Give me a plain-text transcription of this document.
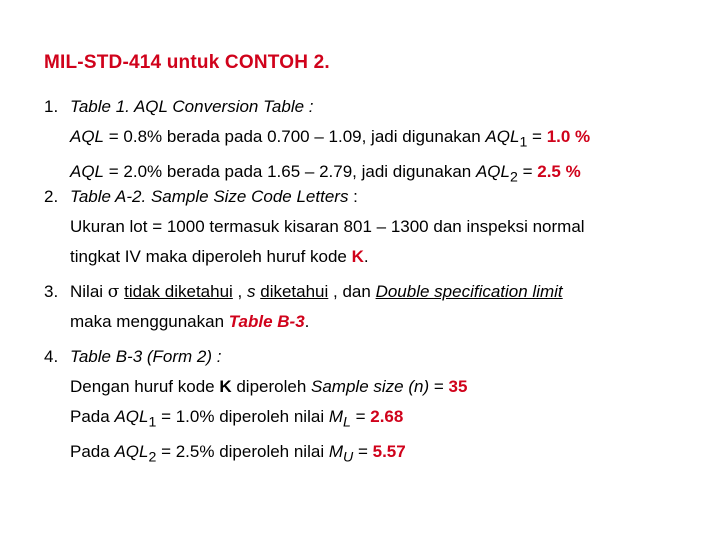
MIL-STD-414 untuk CONTOH 2.
1. Table 1. AQL Conversion Table :
AQL = 0.8% berada pada 0.700 – 1.09, jadi digunakan $AQL_1 = 1.0$ %
AQL = 2.0% berada pada 1.65 – 2.79, jadi digunakan $AQL_2 = 2.5$ %
2. Table A-2. Sample Size Code Letters :
Ukuran lot = 1000 termasuk kisaran 801 – 1300 dan inspeksi normal
tingkat IV maka diperoleh huruf kode K.
3. Nilai σ tidak diketahui , s diketahui , dan Double specification limit
maka menggunakan Table B-3.
4. Table B-3 (Form 2) :
Dengan huruf kode K diperoleh Sample size (n) = 35
Pada $AQL_1 = 1.0\%$ diperoleh nilai $M_L = 2.68$
Pada $AQL_2 = 2.5\%$ diperoleh nilai $M_U = 5.57$
